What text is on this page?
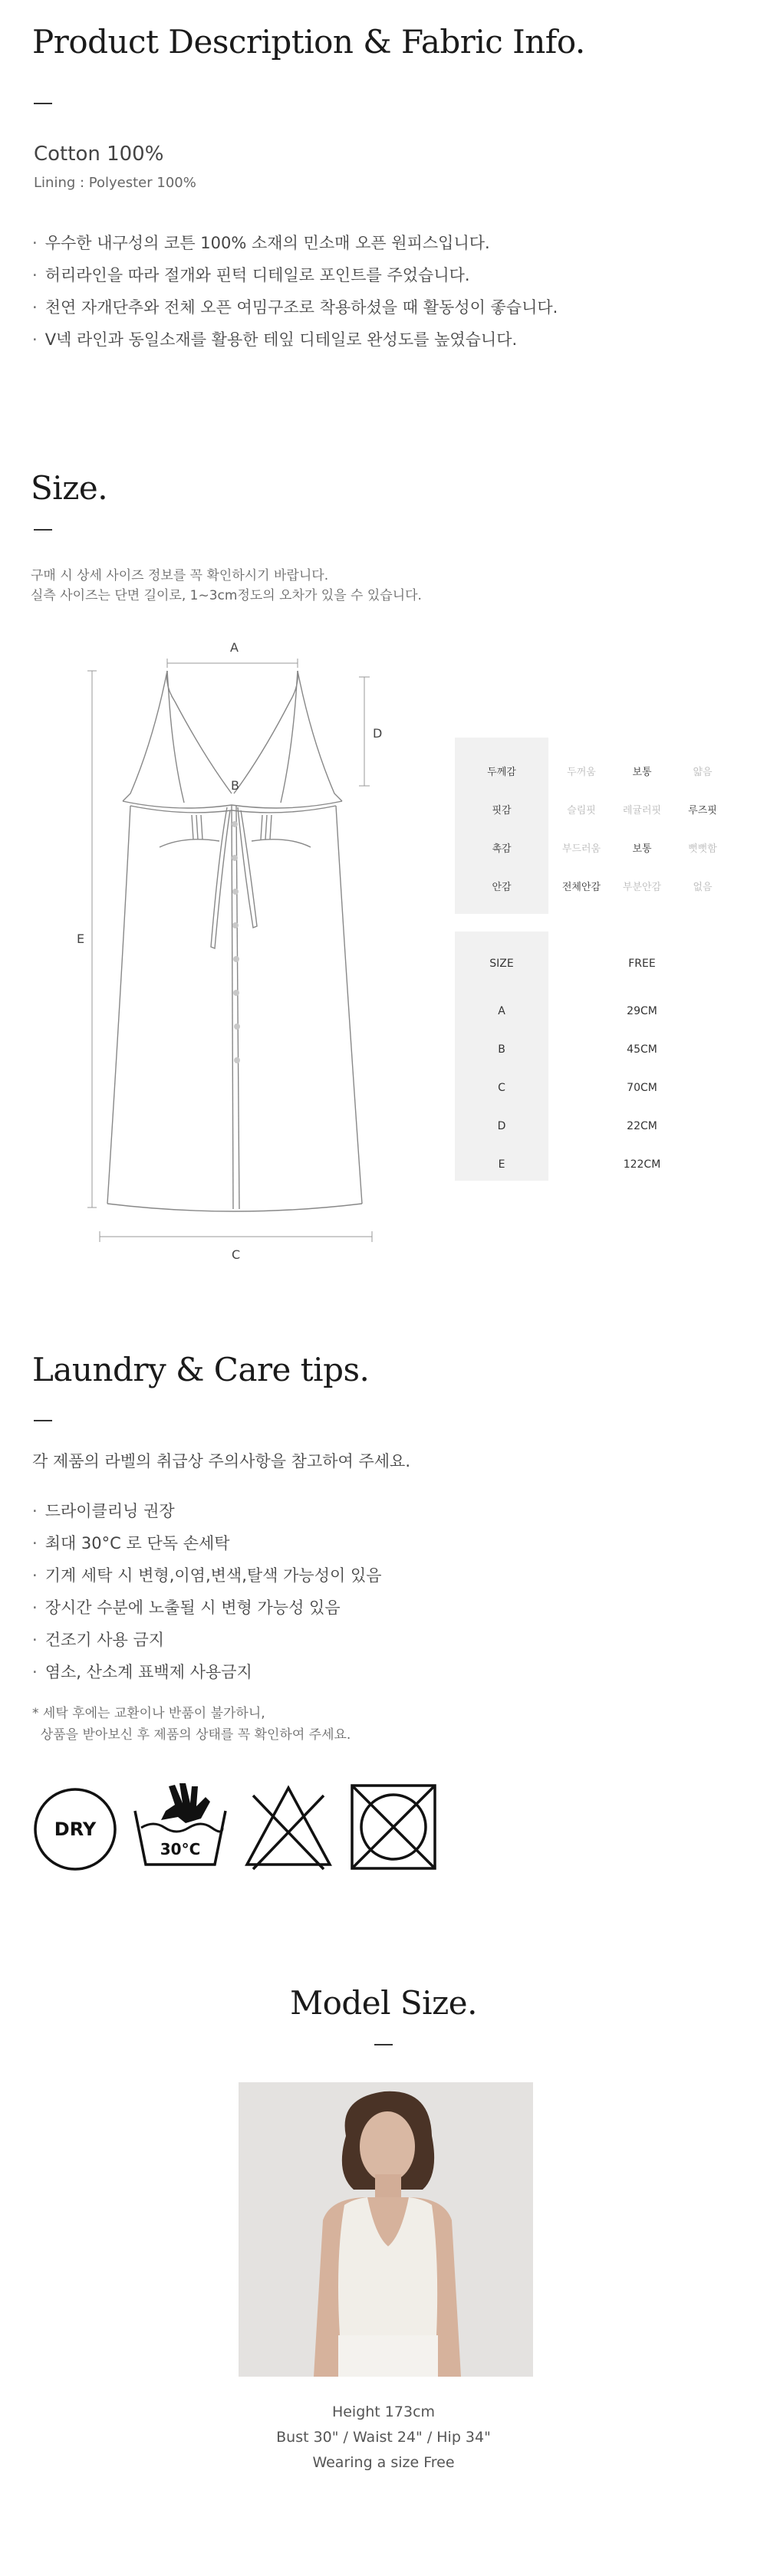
Product Description & Fabric Info.
Cotton 100%
Lining : Polyester 100%
· 우수한 내구성의 코튼 100% 소재의 민소매 오픈 원피스입니다.
· 허리라인을 따라 절개와 핀턱 디테일로 포인트를 주었습니다.
· 천연 자개단추와 전체 오픈 여밈구조로 착용하셨을 때 활동성이 좋습니다.
· V넥 라인과 동일소재를 활용한 테잎 디테일로 완성도를 높였습니다.
Size.
구매 시 상세 사이즈 정보를 꼭 확인하시기 바랍니다.
실측 사이즈는 단면 길이로, 1~3cm정도의 오차가 있을 수 있습니다.
A
B
D
E
C
두께감	두꺼움	보통	얇음
핏감	슬림핏	레귤러핏	루즈핏
촉감	부드러움	보통	뻣뻣함
안감	전체안감	부분안감	없음
SIZE	FREE
A	29CM
B	45CM
C	70CM
D	22CM
E	122CM
Laundry & Care tips.
각 제품의 라벨의 취급상 주의사항을 참고하여 주세요.
· 드라이클리닝 권장
· 최대 30°C 로 단독 손세탁
· 기계 세탁 시 변형,이염,변색,탈색 가능성이 있음
· 장시간 수분에 노출될 시 변형 가능성 있음
· 건조기 사용 금지
· 염소, 산소계 표백제 사용금지
* 세탁 후에는 교환이나 반품이 불가하니,
상품을 받아보신 후 제품의 상태를 꼭 확인하여 주세요.
DRY
30°C
Model Size.
Height 173cm
Bust 30" / Waist 24" / Hip 34"
Wearing a size Free
